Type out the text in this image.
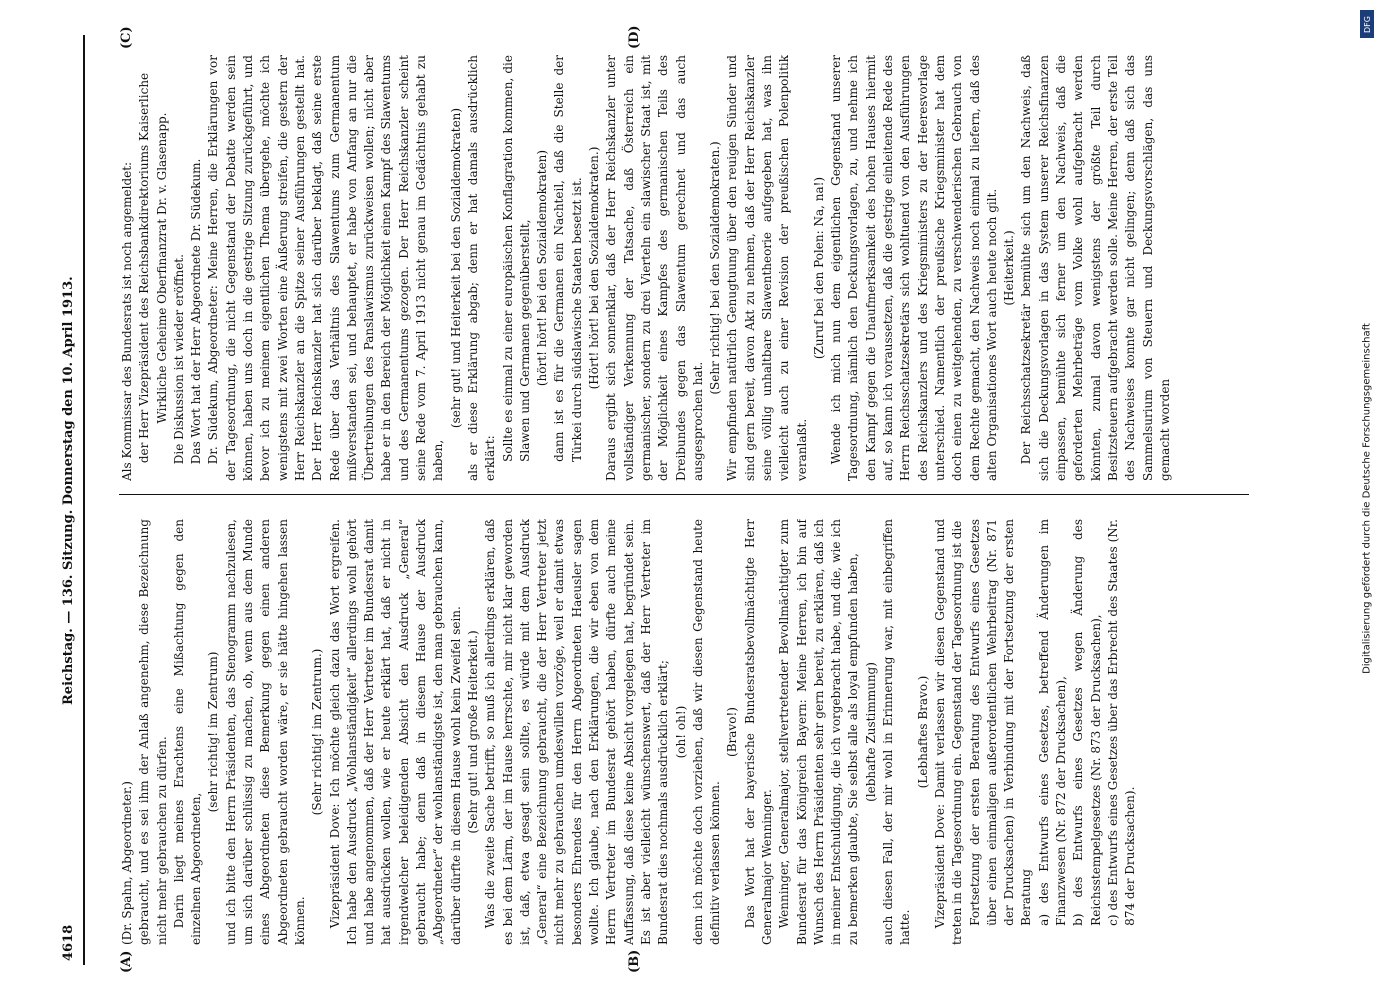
4618
Reichstag. — 136. Sitzung. Donnerstag den 10. April 1913.
(A)	(B)
(C)	(D)

(Dr. Spahn, Abgeordneter.) gebraucht, und es sei ihm der Anlaß angenehm, diese Bezeichnung nicht mehr gebrauchen zu dürfen. Darin liegt meines Erachtens eine Mißachtung gegen den einzelnen Abgeordneten,

(sehr richtig! im Zentrum) und ich bitte den Herrn Präsidenten, das Stenogramm nachzulesen, um sich darüber schlüssig zu machen, ob, wenn aus dem Munde eines Abgeordneten diese Bemerkung gegen einen anderen Abgeordneten gebraucht worden wäre, er sie hätte hingehen lassen können.

(Sehr richtig! im Zentrum.) Vizepräsident Dove: Ich möchte gleich dazu das Wort ergreifen. Ich habe den Ausdruck „Wohlanständigkeit“ allerdings wohl gehört und habe angenommen, daß der Herr Vertreter im Bundesrat damit hat ausdrücken wollen, wie er heute erklärt hat, daß er nicht in irgendwelcher beleidigenden Absicht den Ausdruck „General“ gebraucht habe; denn daß in diesem Hause der Ausdruck „Abgeordneter“ der wohlanständigste ist, den man gebrauchen kann, darüber dürfte in diesem Hause wohl kein Zweifel sein. (Sehr gut! und große Heiterkeit.) Was die zweite Sache betrifft, so muß ich allerdings erklären, daß es bei dem Lärm, der im Hause herrschte, mir nicht klar geworden ist, daß, etwa gesagt sein sollte, es würde mit dem Ausdruck „General“ eine Bezeichnung gebraucht, die der Herr Vertreter jetzt nicht mehr zu gebrauchen umdeswillen vorzöge, weil er damit etwas besonders Ehrendes für den Herrn Abgeordneten Haeusler sagen wollte. Ich glaube, nach den Erklärungen, die wir eben von dem Herrn Vertreter im Bundesrat gehört haben, dürfte auch meine Auffassung, daß diese keine Absicht vorgelegen hat, begründet sein. Es ist aber vielleicht wünschenswert, daß der Herr Vertreter im Bundesrat dies nochmals ausdrücklich erklärt; (oh! oh!) denn ich möchte doch vorziehen, daß wir diesen Gegenstand heute definitiv verlassen können.

(Bravo!) Das Wort hat der bayerische Bundesratsbevollmächtigte Herr Generalmajor Wenninger. Wenninger, Generalmajor, stellvertretender Bevollmächtigter zum Bundesrat für das Königreich Bayern: Meine Herren, ich bin auf Wunsch des Herrn Präsidenten sehr gern bereit, zu erklären, daß ich in meiner Entschuldigung, die ich vorgebracht habe, und die, wie ich zu bemerken glaubte, Sie selbst alle als loyal empfunden haben, (lebhafte Zustimmung) auch diesen Fall, der mir wohl in Erinnerung war, mit einbegriffen hatte.

(Lebhaftes Bravo.) Vizepräsident Dove: Damit verlassen wir diesen Gegenstand und treten in die Tagesordnung ein. Gegenstand der Tagesordnung ist die Fortsetzung der ersten Beratung des Entwurfs eines Gesetzes über einen einmaligen außerordentlichen Wehrbeitrag (Nr. 871 der Drucksachen) in Verbindung mit der Fortsetzung der ersten Beratung a) des Entwurfs eines Gesetzes, betreffend Änderungen im Finanzwesen (Nr. 872 der Drucksachen), b) des Entwurfs eines Gesetzes wegen Änderung des Reichsstempelgesetzes (Nr. 873 der Drucksachen), c) des Entwurfs eines Gesetzes über das Erbrecht des Staates (Nr. 874 der Drucksachen).

Als Kommissar des Bundesrats ist noch angemeldet: der Herr Vizepräsident des Reichsbankdirektoriums Kaiserliche Wirkliche Geheime Oberfinanzrat Dr. v. Glasenapp. Die Diskussion ist wieder eröffnet. Das Wort hat der Herr Abgeordnete Dr. Südekum. Dr. Südekum, Abgeordneter: Meine Herren, die Erklärungen vor der Tagesordnung, die nicht Gegenstand der Debatte werden sein können, haben uns doch in die gestrige Sitzung zurückgeführt, und bevor ich zu meinem eigentlichen Thema übergehe, möchte ich wenigstens mit zwei Worten eine Äußerung streifen, die gestern der Herr Reichskanzler an die Spitze seiner Ausführungen gestellt hat. Der Herr Reichskanzler hat sich darüber beklagt, daß seine erste Rede über das Verhältnis des Slawentums zum Germanentum mißverstanden sei, und behauptet, er habe von Anfang an nur die Übertreibungen des Panslawismus zurückweisen wollen; nicht aber habe er in den Bereich der Möglichkeit einen Kampf des Slawentums und des Germanentums gezogen. Der Herr Reichskanzler scheint seine Rede vom 7. April 1913 nicht genau im Gedächtnis gehabt zu haben,

(sehr gut! und Heiterkeit bei den Sozialdemokraten) als er diese Erklärung abgab; denn er hat damals ausdrücklich erklärt: Sollte es einmal zu einer europäischen Konflagration kommen, die Slawen und Germanen gegenüberstellt, (hört! hört! bei den Sozialdemokraten) dann ist es für die Germanen ein Nachteil, daß die Stelle der Türkei durch südslawische Staaten besetzt ist. (Hört! hört! bei den Sozialdemokraten.) Daraus ergibt sich sonnenklar, daß der Herr Reichskanzler unter vollständiger Verkennung der Tatsache, daß Österreich ein germanischer, sondern zu drei Vierteln ein slawischer Staat ist, mit der Möglichkeit eines Kampfes des germanischen Teils des Dreibundes gegen das Slawentum gerechnet und das auch ausgesprochen hat.

(Sehr richtig! bei den Sozialdemokraten.) Wir empfinden natürlich Genugtuung über den reuigen Sünder und sind gern bereit, davon Akt zu nehmen, daß der Herr Reichskanzler seine völlig unhaltbare Slawentheorie aufgegeben hat, was ihn vielleicht auch zu einer Revision der preußischen Polenpolitik veranlaßt.

(Zuruf bei den Polen: Na, na!) Wende ich mich nun dem eigentlichen Gegenstand unserer Tagesordnung, nämlich den Deckungsvorlagen, zu, und nehme ich den Kampf gegen die Unaufmerksamkeit des hohen Hauses hiermit auf, so kann ich voraussetzen, daß die gestrige einleitende Rede des Herrn Reichsschatzsekretärs sich wohltuend von den Ausführungen des Reichskanzlers und des Kriegsministers zu der Heeresvorlage unterschied. Namentlich der preußische Kriegsminister hat dem doch einen zu weitgehenden, zu verschwenderischen Gebrauch von dem Rechte gemacht, den Nachweis noch einmal zu liefern, daß des alten Organisationes Wort auch heute noch gilt. (Heiterkeit.) Der Reichsschatzsekretär bemühte sich um den Nachweis, daß sich die Deckungsvorlagen in das System unserer Reichsfinanzen einpassen, bemühte sich ferner um den Nachweis, daß die geforderten Mehrbeträge vom Volke wohl aufgebracht werden könnten, zumal davon wenigstens der größte Teil durch Besitzsteuern aufgebracht werden solle. Meine Herren, der erste Teil des Nachweises konnte gar nicht gelingen; denn daß sich das Sammelsurium von Steuern und Deckungsvorschlägen, das uns gemacht worden

DFG
Digitalisierung gefördert durch die Deutsche Forschungsgemeinschaft
